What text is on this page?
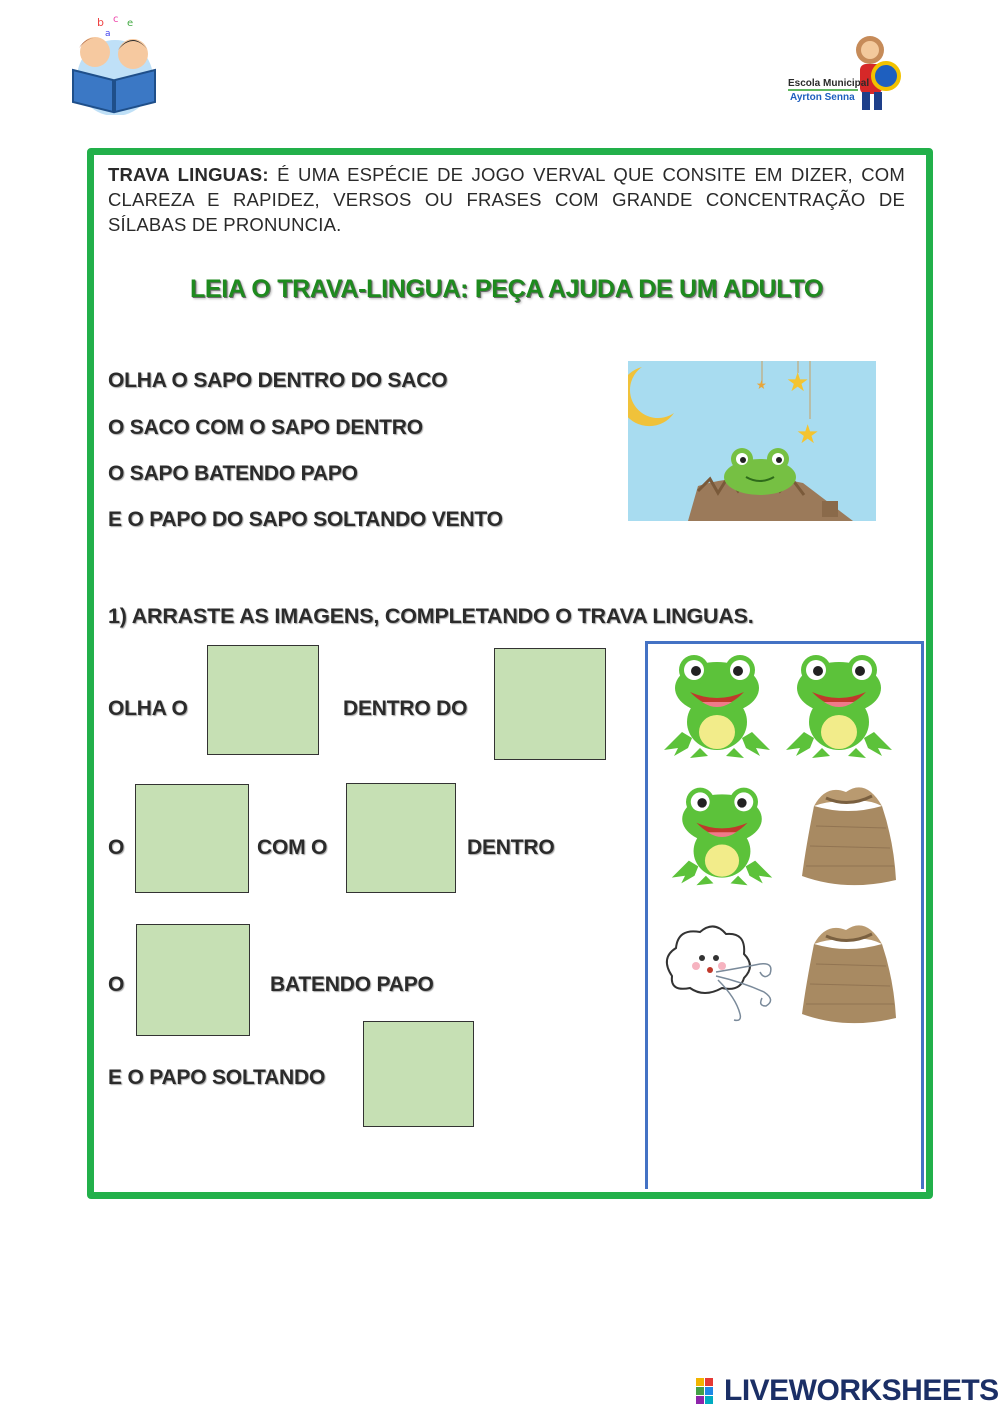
b c e
a
Escola Municipal
Ayrton Senna
TRAVA LINGUAS: É UMA ESPÉCIE DE JOGO VERVAL QUE CONSITE EM DIZER, COM CLAREZA E RAPIDEZ, VERSOS OU FRASES COM GRANDE CONCENTRAÇÃO DE SÍLABAS DE PRONUNCIA.
LEIA O TRAVA-LINGUA: PEÇA AJUDA DE UM ADULTO
OLHA O SAPO DENTRO DO SACO
O SACO COM O SAPO DENTRO
O SAPO BATENDO PAPO
E O PAPO DO SAPO SOLTANDO VENTO
★ ★
★
1) ARRASTE AS IMAGENS, COMPLETANDO O TRAVA LINGUAS.
OLHA O	DENTRO DO
O	COM O	DENTRO
O	BATENDO PAPO
E O PAPO SOLTANDO
LIVEWORKSHEETS
